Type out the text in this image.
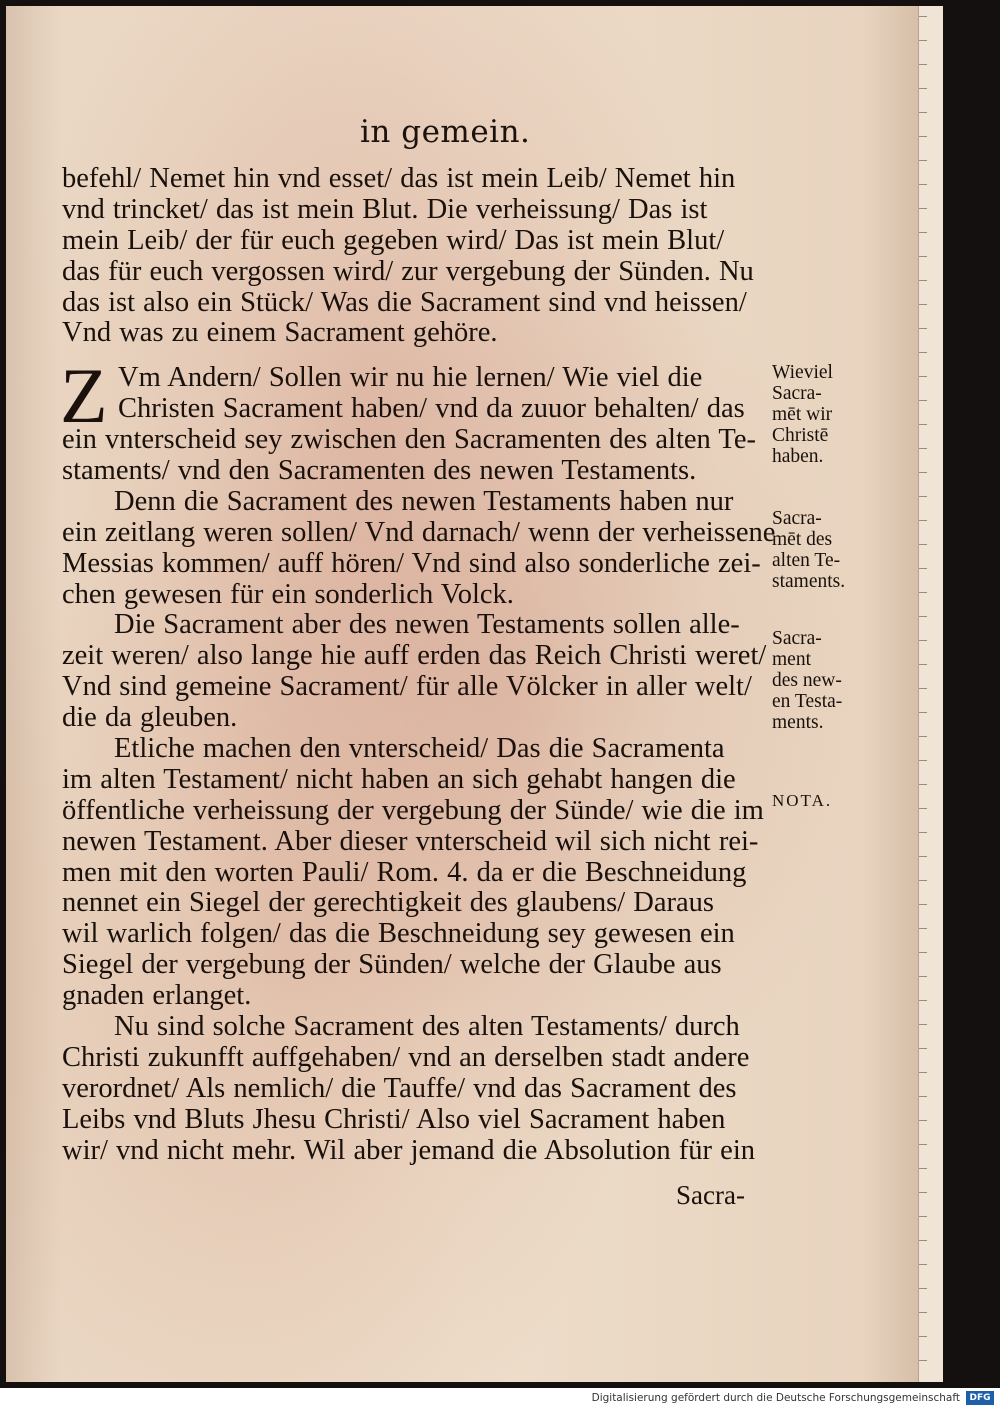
in gemein.
befehl/ Nemet hin vnd esset/ das ist mein Leib/ Nemet hin
vnd trincket/ das ist mein Blut. Die verheissung/ Das ist
mein Leib/ der für euch gegeben wird/ Das ist mein Blut/
das für euch vergossen wird/ zur vergebung der Sünden. Nu
das ist also ein Stück/ Was die Sacrament sind vnd heissen/
Vnd was zu einem Sacrament gehöre.
Z Vm Andern/ Sollen wir nu hie lernen/ Wie viel die
Christen Sacrament haben/ vnd da zuuor behalten/ das
ein vnterscheid sey zwischen den Sacramenten des alten Te-
staments/ vnd den Sacramenten des newen Testaments.
Denn die Sacrament des newen Testaments haben nur
ein zeitlang weren sollen/ Vnd darnach/ wenn der verheissene
Messias kommen/ auff hören/ Vnd sind also sonderliche zei-
chen gewesen für ein sonderlich Volck.
Die Sacrament aber des newen Testaments sollen alle-
zeit weren/ also lange hie auff erden das Reich Christi weret/
Vnd sind gemeine Sacrament/ für alle Völcker in aller welt/
die da gleuben.
Etliche machen den vnterscheid/ Das die Sacramenta
im alten Testament/ nicht haben an sich gehabt hangen die
öffentliche verheissung der vergebung der Sünde/ wie die im
newen Testament. Aber dieser vnterscheid wil sich nicht rei-
men mit den worten Pauli/ Rom. 4. da er die Beschneidung
nennet ein Siegel der gerechtigkeit des glaubens/ Daraus
wil warlich folgen/ das die Beschneidung sey gewesen ein
Siegel der vergebung der Sünden/ welche der Glaube aus
gnaden erlanget.
Nu sind solche Sacrament des alten Testaments/ durch
Christi zukunfft auffgehaben/ vnd an derselben stadt andere
verordnet/ Als nemlich/ die Tauffe/ vnd das Sacrament des
Leibs vnd Bluts Jhesu Christi/ Also viel Sacrament haben
wir/ vnd nicht mehr. Wil aber jemand die Absolution für ein
Wieviel
Sacra-
mēt wir
Christē
haben.
Sacra-
mēt des
alten Te-
staments.
Sacra-
ment
des new-
en Testa-
ments.
NOTA.
Sacra-
Digitalisierung gefördert durch die Deutsche Forschungsgemeinschaft	DFG
